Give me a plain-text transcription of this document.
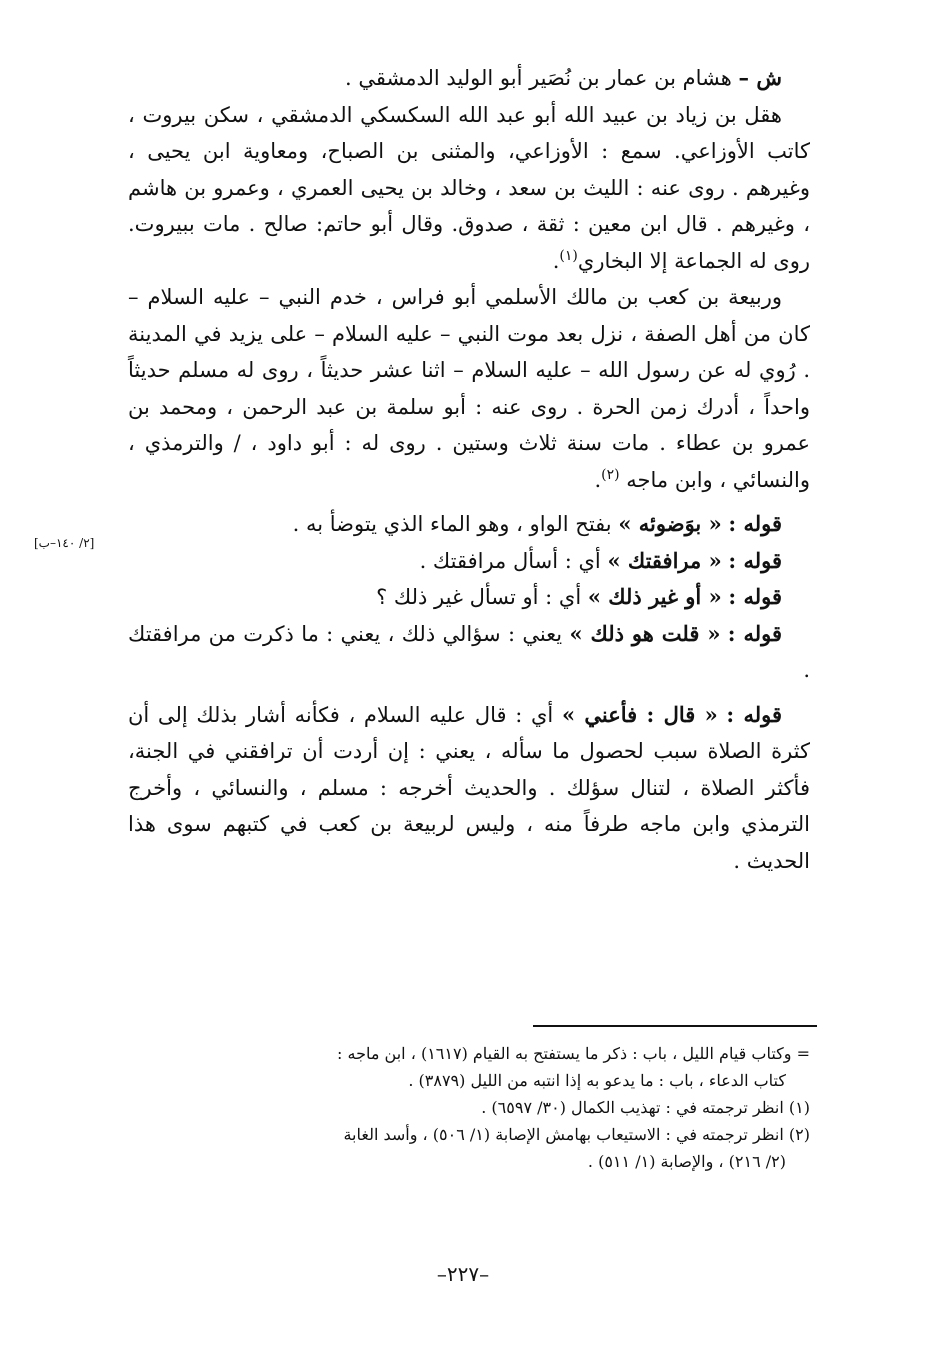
ش – هشام بن عمار بن نُصَير أبو الوليد الدمشقي .

هقل بن زياد بن عبيد الله أبو عبد الله السكسكي الدمشقي ، سكن بيروت ، كاتب الأوزاعي. سمع : الأوزاعي، والمثنى بن الصباح، ومعاوية ابن يحيى ، وغيرهم . روى عنه : الليث بن سعد ، وخالد بن يحيى العمري ، وعمرو بن هاشم ، وغيرهم . قال ابن معين : ثقة ، صدوق. وقال أبو حاتم: صالح . مات ببيروت. روى له الجماعة إلا البخاري$^{(١)}$.

وربيعة بن كعب بن مالك الأسلمي أبو فراس ، خدم النبي – عليه السلام – كان من أهل الصفة ، نزل بعد موت النبي – عليه السلام – على يزيد في المدينة . رُوي له عن رسول الله – عليه السلام – اثنا عشر حديثاً ، روى له مسلم حديثاً واحداً ، أدرك زمن الحرة . روى عنه : أبو سلمة بن عبد الرحمن ، ومحمد بن عمرو بن عطاء . مات سنة ثلاث وستين . روى له : أبو داود ، / والترمذي ، والنسائي ، وابن ماجه $^{(٢)}$.

قوله : « بوَضوئه » بفتح الواو ، وهو الماء الذي يتوضأ به .

قوله : « مرافقتك » أي : أسأل مرافقتك .

قوله : « أو غير ذلك » أي : أو تسأل غير ذلك ؟

قوله : « قلت هو ذلك » يعني : سؤالي ذلك ، يعني : ما ذكرت من مرافقتك .

قوله : « قال : فأعني » أي : قال عليه السلام ، فكأنه أشار بذلك إلى أن كثرة الصلاة سبب لحصول ما سأله ، يعني : إن أردت أن ترافقني في الجنة، فأكثر الصلاة ، لتنال سؤلك . والحديث أخرجه : مسلم ، والنسائي ، وأخرج الترمذي وابن ماجه طرفاً منه ، وليس لربيعة بن كعب في كتبهم سوى هذا الحديث .

[٢/ ١٤٠–ب]

= وكتاب قيام الليل ، باب : ذكر ما يستفتح به القيام (١٦١٧) ، ابن ماجه :

كتاب الدعاء ، باب : ما يدعو به إذا انتبه من الليل (٣٨٧٩) .

(١) انظر ترجمته في : تهذيب الكمال (٣٠/ ٦٥٩٧) .

(٢) انظر ترجمته في : الاستيعاب بهامش الإصابة (١/ ٥٠٦) ، وأسد الغابة

(٢/ ٢١٦) ، والإصابة (١/ ٥١١) .

–٢٢٧–
